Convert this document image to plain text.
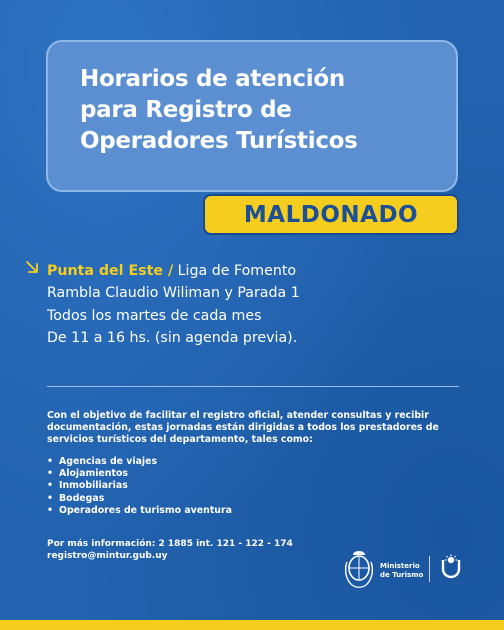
Horarios de atención
para Registro de
Operadores Turísticos
MALDONADO
Punta del Este / Liga de Fomento
Rambla Claudio Wiliman y Parada 1
Todos los martes de cada mes
De 11 a 16 hs. (sin agenda previa).
Con el objetivo de facilitar el registro oficial, atender consultas y recibir documentación, estas jornadas están dirigidas a todos los prestadores de servicios turísticos del departamento, tales como:
• Agencias de viajes
• Alojamientos
• Inmobiliarias
• Bodegas
• Operadores de turismo aventura
Por más información: 2 1885 int. 121 - 122 - 174
registro@mintur.gub.uy
Ministerio
de Turismo
